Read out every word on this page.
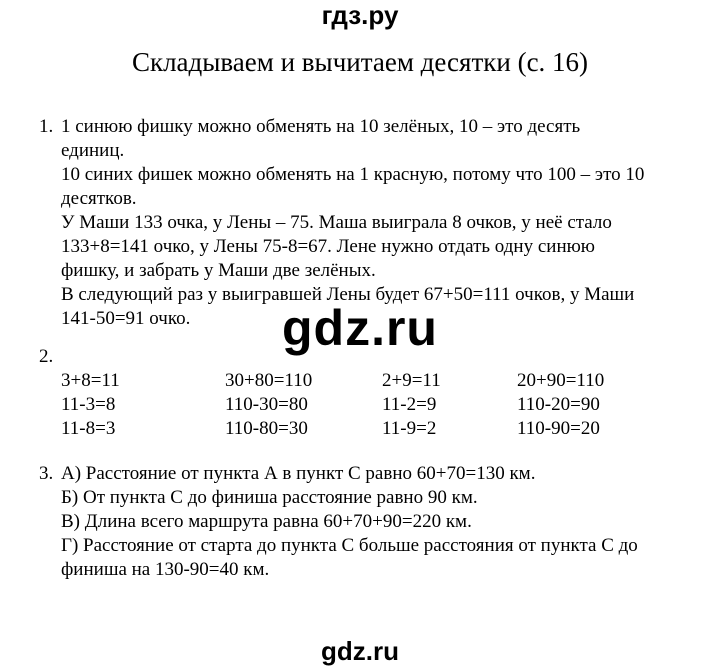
гдз.ру
Складываем и вычитаем десятки (с. 16)
1. 1 синюю фишку можно обменять на 10 зелёных, 10 – это десять
единиц.
10 синих фишек можно обменять на 1 красную, потому что 100 – это 10
десятков.
У Маши 133 очка, у Лены – 75. Маша выиграла 8 очков, у неё стало
133+8=141 очко, у Лены 75-8=67. Лене нужно отдать одну синюю
фишку, и забрать у Маши две зелёных.
В следующий раз у выигравшей Лены будет 67+50=111 очков, у Маши
141-50=91 очко.	gdz.ru
2.
3+8=11	30+80=110	2+9=11	20+90=110
11-3=8	110-30=80	11-2=9	110-20=90
11-8=3	110-80=30	11-9=2	110-90=20
3. А) Расстояние от пункта А в пункт С равно 60+70=130 км.
Б) От пункта С до финиша расстояние равно 90 км.
В) Длина всего маршрута равна 60+70+90=220 км.
Г) Расстояние от старта до пункта С больше расстояния от пункта С до
финиша на 130-90=40 км.
gdz.ru
